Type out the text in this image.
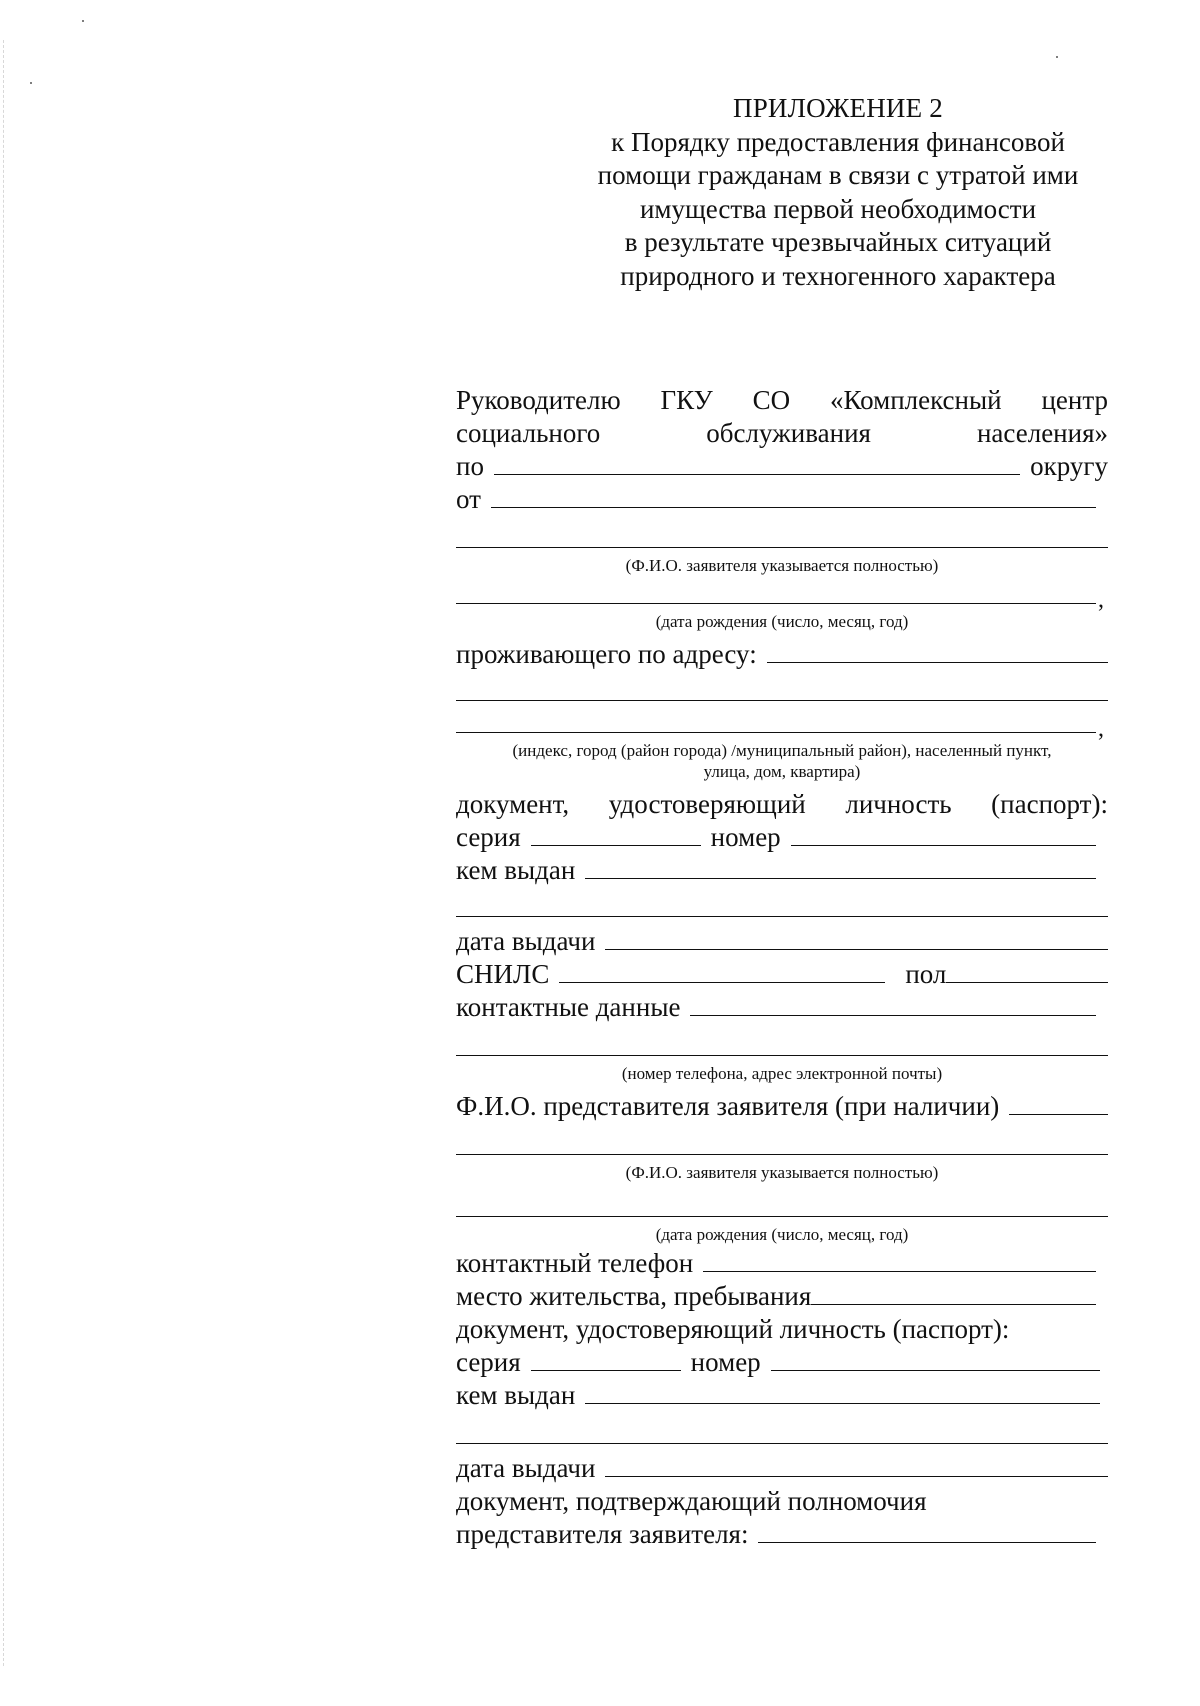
ПРИЛОЖЕНИЕ 2
к Порядку предоставления финансовой
помощи гражданам в связи с утратой ими
имущества первой необходимости
в результате чрезвычайных ситуаций
природного и техногенного характера
Руководителю ГКУ СО «Комплексный центр
социального	обслуживания	населения»
по	округу
от
(Ф.И.О. заявителя указывается полностью)
,
(дата рождения (число, месяц, год)
проживающего по адресу:
,
(индекс, город (район города) /муниципальный район), населенный пункт,
улица, дом, квартира)
документ, удостоверяющий личность (паспорт):
серия	номер
кем выдан
дата выдачи
СНИЛС	пол
контактные данные
(номер телефона, адрес электронной почты)
Ф.И.О. представителя заявителя (при наличии)
(Ф.И.О. заявителя указывается полностью)
(дата рождения (число, месяц, год)
контактный телефон
место жительства, пребывания
документ, удостоверяющий личность (паспорт):
серия	номер
кем выдан
дата выдачи
документ, подтверждающий полномочия
представителя заявителя:
